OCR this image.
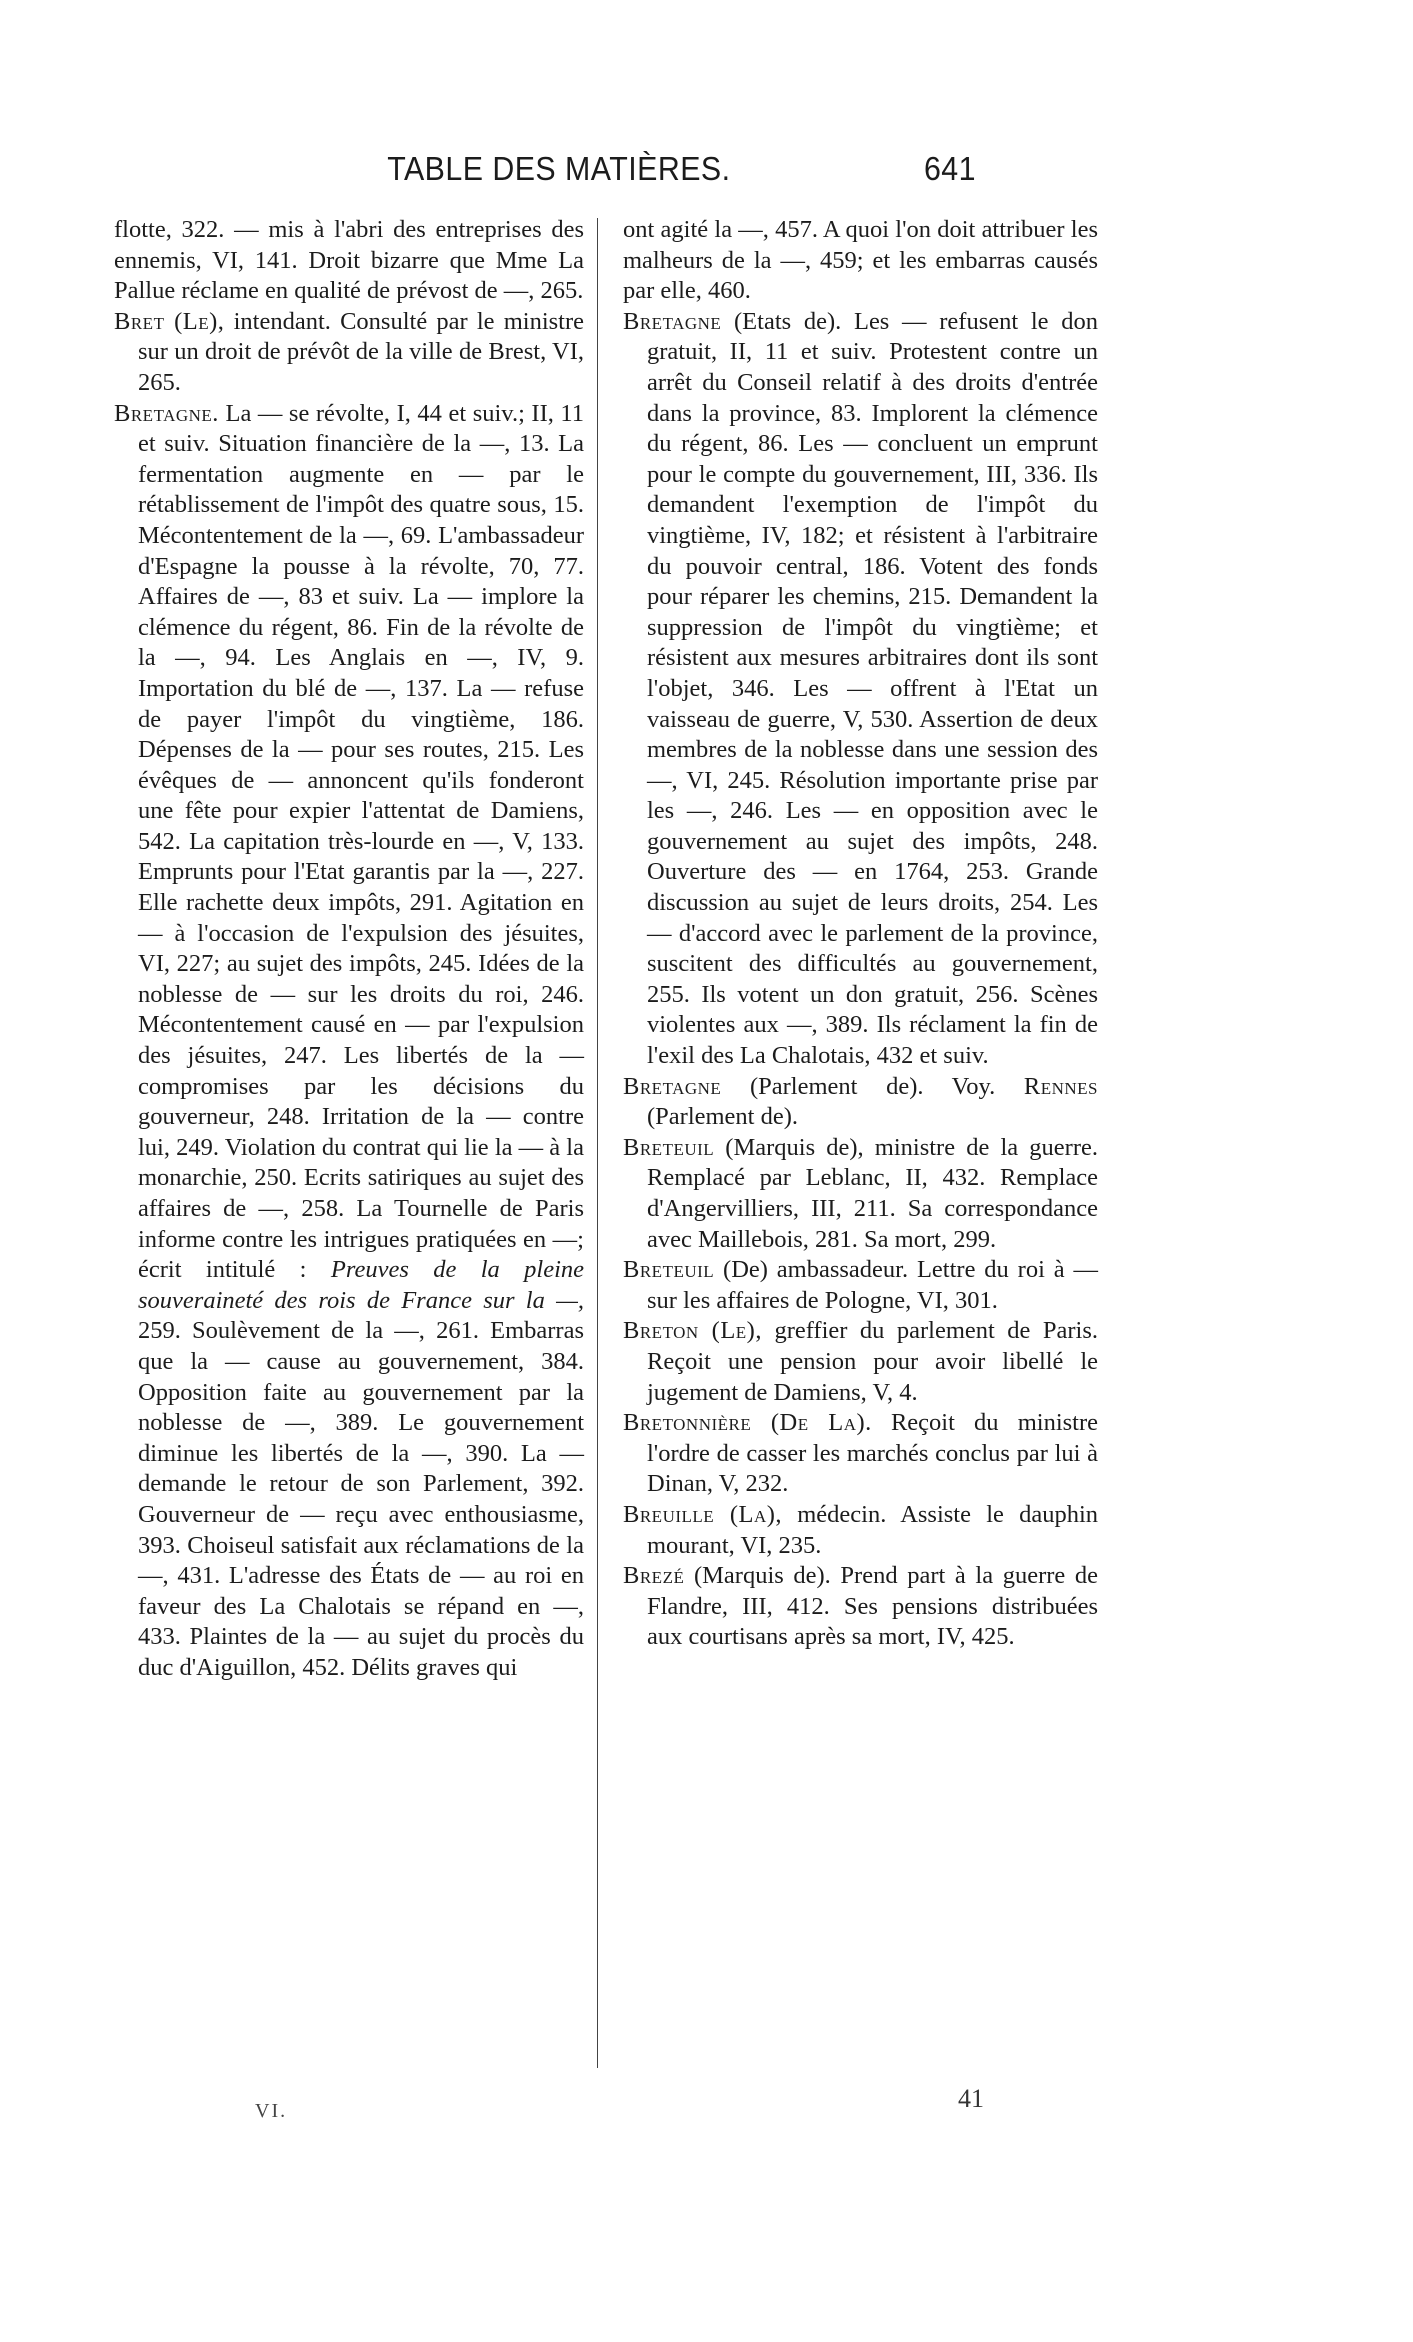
TABLE DES MATIÈRES.	641

flotte, 322. — mis à l'abri des entreprises des ennemis, VI, 141. Droit bizarre que Mme La Pallue réclame en qualité de prévost de —, 265.

Bret (Le), intendant. Consulté par le ministre sur un droit de prévôt de la ville de Brest, VI, 265.

Bretagne. La — se révolte, I, 44 et suiv.; II, 11 et suiv. Situation financière de la —, 13. La fermentation augmente en — par le rétablissement de l'impôt des quatre sous, 15. Mécontentement de la —, 69. L'ambassadeur d'Espagne la pousse à la révolte, 70, 77. Affaires de —, 83 et suiv. La — implore la clémence du régent, 86. Fin de la révolte de la —, 94. Les Anglais en —, IV, 9. Importation du blé de —, 137. La — refuse de payer l'impôt du vingtième, 186. Dépenses de la — pour ses routes, 215. Les évêques de — annoncent qu'ils fonderont une fête pour expier l'attentat de Damiens, 542. La capitation très-lourde en —, V, 133. Emprunts pour l'Etat garantis par la —, 227. Elle rachette deux impôts, 291. Agitation en — à l'occasion de l'expulsion des jésuites, VI, 227; au sujet des impôts, 245. Idées de la noblesse de — sur les droits du roi, 246. Mécontentement causé en — par l'expulsion des jésuites, 247. Les libertés de la — compromises par les décisions du gouverneur, 248. Irritation de la — contre lui, 249. Violation du contrat qui lie la — à la monarchie, 250. Ecrits satiriques au sujet des affaires de —, 258. La Tournelle de Paris informe contre les intrigues pratiquées en —; écrit intitulé : Preuves de la pleine souveraineté des rois de France sur la —, 259. Soulèvement de la —, 261. Embarras que la — cause au gouvernement, 384. Opposition faite au gouvernement par la noblesse de —, 389. Le gouvernement diminue les libertés de la —, 390. La — demande le retour de son Parlement, 392. Gouverneur de — reçu avec enthousiasme, 393. Choiseul satisfait aux réclamations de la —, 431. L'adresse des États de — au roi en faveur des La Chalotais se répand en —, 433. Plaintes de la — au sujet du procès du duc d'Aiguillon, 452. Délits graves qui

ont agité la —, 457. A quoi l'on doit attribuer les malheurs de la —, 459; et les embarras causés par elle, 460.

Bretagne (Etats de). Les — refusent le don gratuit, II, 11 et suiv. Protestent contre un arrêt du Conseil relatif à des droits d'entrée dans la province, 83. Implorent la clémence du régent, 86. Les — concluent un emprunt pour le compte du gouvernement, III, 336. Ils demandent l'exemption de l'impôt du vingtième, IV, 182; et résistent à l'arbitraire du pouvoir central, 186. Votent des fonds pour réparer les chemins, 215. Demandent la suppression de l'impôt du vingtième; et résistent aux mesures arbitraires dont ils sont l'objet, 346. Les — offrent à l'Etat un vaisseau de guerre, V, 530. Assertion de deux membres de la noblesse dans une session des —, VI, 245. Résolution importante prise par les —, 246. Les — en opposition avec le gouvernement au sujet des impôts, 248. Ouverture des — en 1764, 253. Grande discussion au sujet de leurs droits, 254. Les — d'accord avec le parlement de la province, suscitent des difficultés au gouvernement, 255. Ils votent un don gratuit, 256. Scènes violentes aux —, 389. Ils réclament la fin de l'exil des La Chalotais, 432 et suiv.

Bretagne (Parlement de). Voy. Rennes (Parlement de).

Breteuil (Marquis de), ministre de la guerre. Remplacé par Leblanc, II, 432. Remplace d'Angervilliers, III, 211. Sa correspondance avec Maillebois, 281. Sa mort, 299.

Breteuil (De) ambassadeur. Lettre du roi à — sur les affaires de Pologne, VI, 301.

Breton (Le), greffier du parlement de Paris. Reçoit une pension pour avoir libellé le jugement de Damiens, V, 4.

Bretonnière (De La). Reçoit du ministre l'ordre de casser les marchés conclus par lui à Dinan, V, 232.

Breuille (La), médecin. Assiste le dauphin mourant, VI, 235.

Brezé (Marquis de). Prend part à la guerre de Flandre, III, 412. Ses pensions distribuées aux courtisans après sa mort, IV, 425.

VI.	41
